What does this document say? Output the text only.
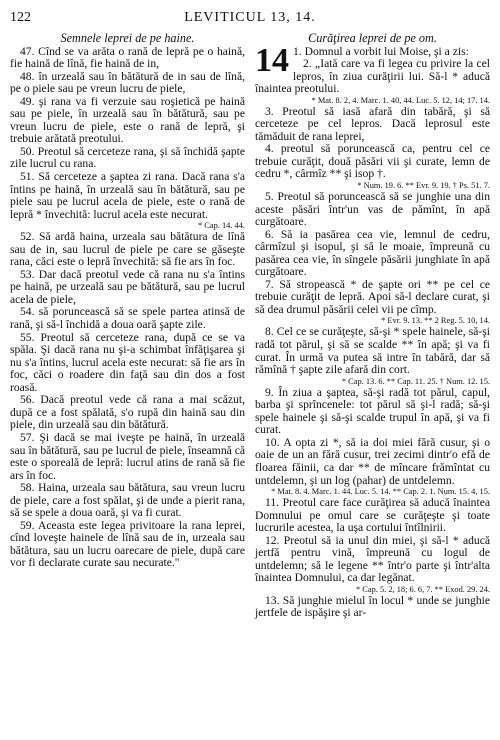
122	LEVITICUL 13, 14.
Semnele leprei de pe haine.

47. Cînd se va arăta o rană de lepră pe o haină, fie haină de lînă, fie haină de in,

48. în urzeală sau în bătătură de in sau de lînă, pe o piele sau pe vreun lucru de piele,

49. şi rana va fi verzuie sau roşietică pe haină sau pe piele, în urzeală sau în bătătură, sau pe vreun lucru de piele, este o rană de lepră, şi trebuie arătată preotului.

50. Preotul să cerceteze rana, şi să închidă şapte zile lucrul cu rana.

51. Să cerceteze a şaptea zi rana. Dacă rana s'a întins pe haină, în urzeală sau în bătătură, sau pe piele sau pe lucrul acela de piele, este o rană de lepră * învechită: lucrul acela este necurat.
* Cap. 14. 44.

52. Să ardă haina, urzeala sau bătătura de lînă sau de in, sau lucrul de piele pe care se găseşte rana, căci este o lepră învechită: să fie ars în foc.

53. Dar dacă preotul vede că rana nu s'a întins pe haină, pe urzeală sau pe bătătură, sau pe lucrul acela de piele,

54. să poruncească să se spele partea atinsă de rană, şi să-l închidă a doua oară şapte zile.

55. Preotul să cerceteze rana, după ce se va spăla. Şi dacă rana nu şi-a schimbat înfăţişarea şi nu s'a întins, lucrul acela este necurat: să fie ars în foc, căci o roadere din faţă sau din dos a fost roasă.

56. Dacă preotul vede că rana a mai scăzut, după ce a fost spălată, s'o rupă din haină sau din piele, din urzeală sau din bătătură.

57. Şi dacă se mai iveşte pe haină, în urzeală sau în bătătură, sau pe lucrul de piele, înseamnă că este o sporeală de lepră: lucrul atins de rană să fie ars în foc.

58. Haina, urzeala sau bătătura, sau vreun lucru de piele, care a fost spălat, şi de unde a pierit rana, să se spele a doua oară, şi va fi curat.

59. Aceasta este legea privitoare la rana leprei, cînd loveşte hainele de lînă sau de in, urzeala sau bătătura, sau un lucru oarecare de piele, după care vor fi declarate curate sau necurate."

Curăţirea leprei de pe om.

14 1. Domnul a vorbit lui Moise, şi a zis:

2. „Iată care va fi legea cu privire la cel lepros, în ziua curăţirii lui. Să-l * aducă înaintea preotului.
* Mat. 8. 2, 4. Marc. 1. 40, 44. Luc. 5. 12, 14; 17. 14.

3. Preotul să iasă afară din tabără, şi să cerceteze pe cel lepros. Dacă leprosul este tămăduit de rana leprei,

4. preotul să poruncească ca, pentru cel ce trebuie curăţit, două păsări vii şi curate, lemn de cedru *, cârmîz ** şi isop †.
* Num. 19. 6. ** Evr. 9. 19. † Ps. 51. 7.

5. Preotul să poruncească să se junghie una din aceste păsări într'un vas de pămînt, în apă curgătoare.

6. Să ia pasărea cea vie, lemnul de cedru, cârmîzul şi isopul, şi să le moaie, împreună cu pasărea cea vie, în sîngele păsării junghiate în apă curgătoare.

7. Să stropească * de şapte ori ** pe cel ce trebuie curăţit de lepră. Apoi să-l declare curat, şi să dea drumul păsării celei vii pe cîmp.
* Evr. 9. 13. ** 2 Reg. 5. 10, 14.

8. Cel ce se curăţeşte, să-şi * spele hainele, să-şi radă tot părul, şi să se scalde ** în apă; şi va fi curat. În urmă va putea să intre în tabără, dar să rămînă † şapte zile afară din cort.
* Cap. 13. 6. ** Cap. 11. 25. † Num. 12. 15.

9. În ziua a şaptea, să-şi radă tot părul, capul, barba şi sprîncenele: tot părul să şi-l radă; să-şi spele hainele şi să-şi scalde trupul în apă, şi va fi curat.

10. A opta zi *, să ia doi miei fără cusur, şi o oaie de un an fără cusur, trei zecimi dintr'o efă de floarea făinii, ca dar ** de mîncare frămîntat cu untdelemn, şi un log (pahar) de untdelemn.
* Mat. 8. 4. Marc. 1. 44. Luc. 5. 14. ** Cap. 2. 1. Num. 15. 4, 15.

11. Preotul care face curăţirea să aducă înaintea Domnului pe omul care se curăţeşte şi toate lucrurile acestea, la uşa cortului întîlnirii.

12. Preotul să ia unul din miei, şi să-l * aducă jertfă pentru vină, împreună cu logul de untdelemn; să le legene ** într'o parte şi într'alta înaintea Domnului, ca dar legănat.
* Cap. 5. 2, 18; 6. 6, 7. ** Exod. 29. 24.

13. Să junghie mielul în locul * unde se junghie jertfele de ispăşire şi ar-
